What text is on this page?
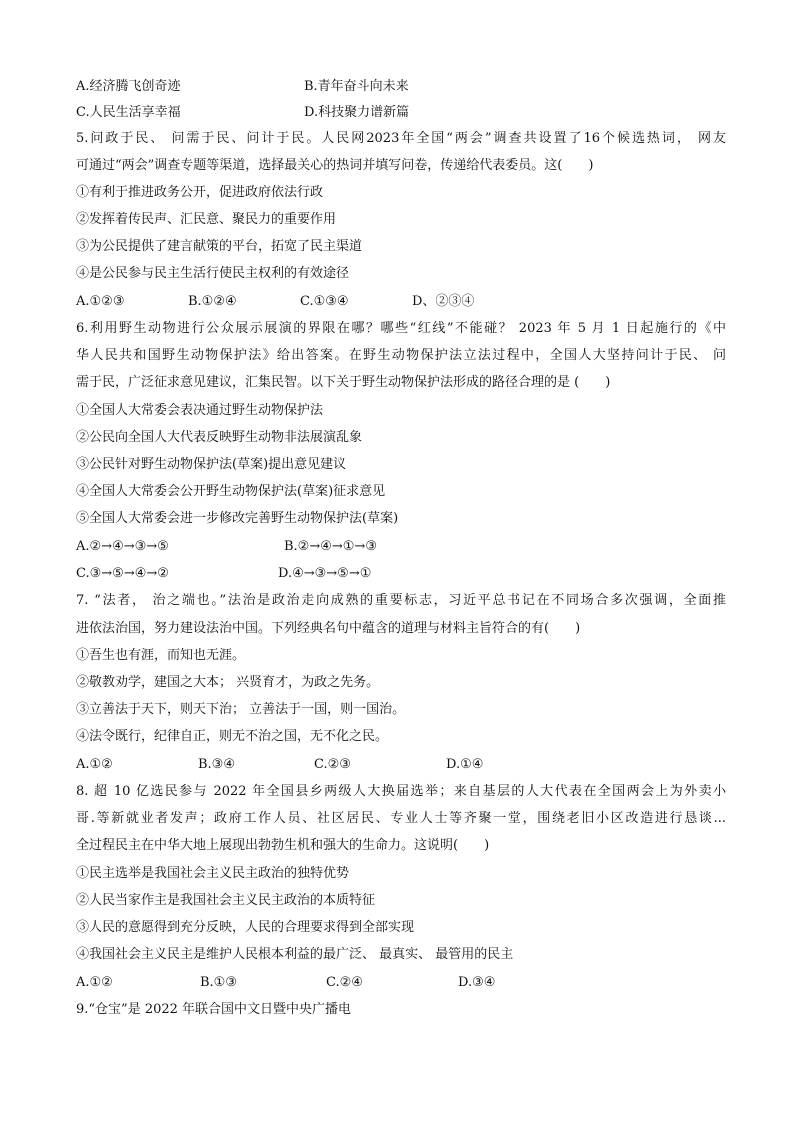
A.经济腾飞创奇迹	B.青年奋斗向未来
C.人民生活享幸福	D.科技聚力谱新篇
5.问政于民、 问需于民、问计于民。人民网2023年全国“两会”调查共设置了16个候选热词， 网友
可通过“两会”调查专题等渠道，选择最关心的热词并填写问卷，传递给代表委员。这(　　)
①有利于推进政务公开，促进政府依法行政
②发挥着传民声、汇民意、聚民力的重要作用
③为公民提供了建言献策的平台，拓宽了民主渠道
④是公民参与民主生活行使民主权利的有效途径
A.①②③	B.①②④	C.①③④	D、②③④
6.利用野生动物进行公众展示展演的界限在哪？哪些“红线”不能碰？ 2023 年 5 月 1 日起施行的《中
华人民共和国野生动物保护法》给出答案。在野生动物保护法立法过程中，全国人大坚持问计于民、 问
需于民，广泛征求意见建议，汇集民智。以下关于野生动物保护法形成的路径合理的是 (　　)
①全国人大常委会表决通过野生动物保护法
②公民向全国人大代表反映野生动物非法展演乱象
③公民针对野生动物保护法(草案)提出意见建议
④全国人大常委会公开野生动物保护法(草案)征求意见
⑤全国人大常委会进一步修改完善野生动物保护法(草案)
A.②→④→③→⑤	B.②→④→①→③
C.③→⑤→④→②	D.④→③→⑤→①
7. “法者， 治之端也。”法治是政治走向成熟的重要标志，习近平总书记在不同场合多次强调，全面推
进依法治国，努力建设法治中国。下列经典名句中蕴含的道理与材料主旨符合的有(　　)
①吾生也有涯，而知也无涯。
②敬教劝学，建国之大本； 兴贤育才，为政之先务。
③立善法于天下，则天下治； 立善法于一国，则一国治。
④法令既行，纪律自正，则无不治之国，无不化之民。
A.①②	B.③④	C.②③	D.①④
8. 超 10 亿选民参与 2022 年全国县乡两级人大换届选举；来自基层的人大代表在全国两会上为外卖小
哥.等新就业者发声；政府工作人员、社区居民、专业人士等齐聚一堂，围绕老旧小区改造进行恳谈...
全过程民主在中华大地上展现出勃勃生机和强大的生命力。这说明(　　)
①民主选举是我国社会主义民主政治的独特优势
②人民当家作主是我国社会主义民主政治的本质特征
③人民的意愿得到充分反映，人民的合理要求得到全部实现
④我国社会主义民主是维护人民根本利益的最广泛、 最真实、 最管用的民主
A.①②	B.①③	C.②④	D.③④
9.“仓宝”是 2022 年联合国中文日暨中央广播电
